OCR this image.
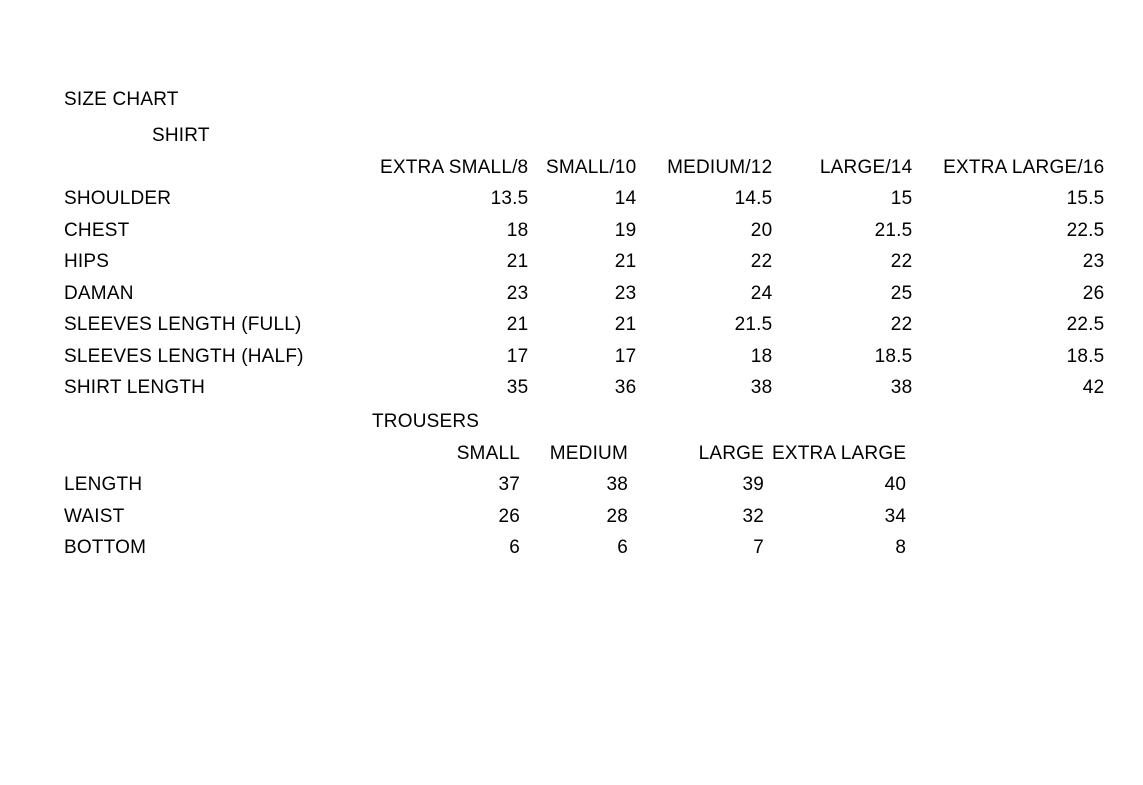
SIZE CHART
SHIRT					
	EXTRA SMALL/8	SMALL/10	MEDIUM/12	LARGE/14	EXTRA LARGE/16
SHOULDER	13.5	14	14.5	15	15.5
CHEST	18	19	20	21.5	22.5
HIPS	21	21	22	22	23
DAMAN	23	23	24	25	26
SLEEVES LENGTH (FULL)	21	21	21.5	22	22.5
SLEEVES LENGTH (HALF)	17	17	18	18.5	18.5
SHIRT LENGTH	35	36	38	38	42
TROUSERS				
	SMALL	MEDIUM	LARGE	EXTRA LARGE
LENGTH	37	38	39	40
WAIST	26	28	32	34
BOTTOM	6	6	7	8
